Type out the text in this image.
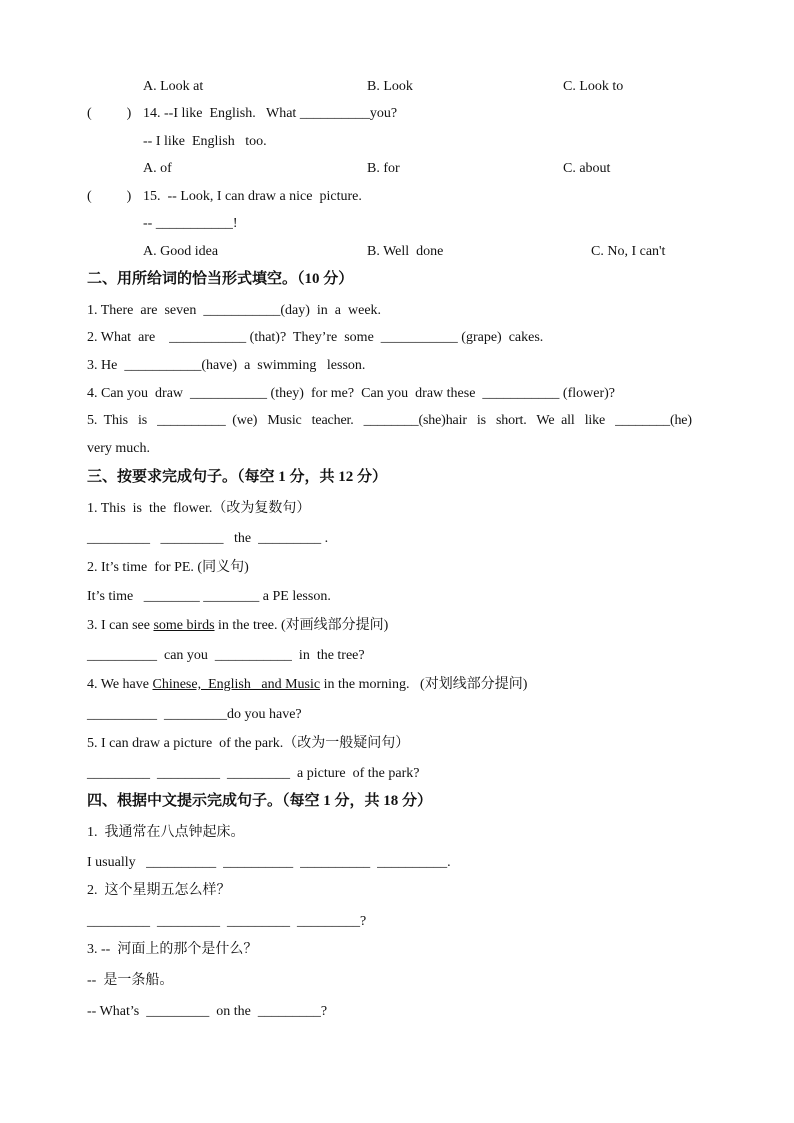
A. Look at	B. Look	C. Look to
(          ) 14. --I like  English.   What __________you?
-- I like  English   too.
A. of	B. for	C. about
(          ) 15.  -- Look, I can draw a nice  picture.
-- ___________!
A. Good idea	B. Well  done	C. No, I can't
二、用所给词的恰当形式填空。（10 分）
1. There  are  seven  ___________(day)  in  a  week.
2. What  are    ___________ (that)?  They’re  some  ___________ (grape)  cakes.
3. He  ___________(have)  a  swimming   lesson.
4. Can you  draw  ___________ (they)  for me?  Can you  draw these  ___________ (flower)?
5.  This   is   __________  (we)   Music   teacher.   ________(she)hair   is   short.   We  all   like   ________(he)
very much.
三、按要求完成句子。（每空 1 分，共 12 分）
1. This  is  the  flower.（改为复数句）
_________   _________   the  _________ .
2. It’s time  for PE. (同义句)
It’s time   ________ ________ a PE lesson.
3. I can see some birds in the tree. (对画线部分提问)
__________  can you  ___________  in  the tree?
4. We have Chinese,  English   and Music in the morning.   (对划线部分提问)
__________  _________do you have?
5. I can draw a picture  of the park.（改为一般疑问句）
_________  _________  _________  a picture  of the park?
四、根据中文提示完成句子。（每空 1 分，共 18 分）
1.  我通常在八点钟起床。
I usually   __________  __________  __________  __________.
2.  这个星期五怎么样？
_________  _________  _________  _________?
3. --  河面上的那个是什么？
--  是一条船。
-- What’s  _________  on the  _________?
